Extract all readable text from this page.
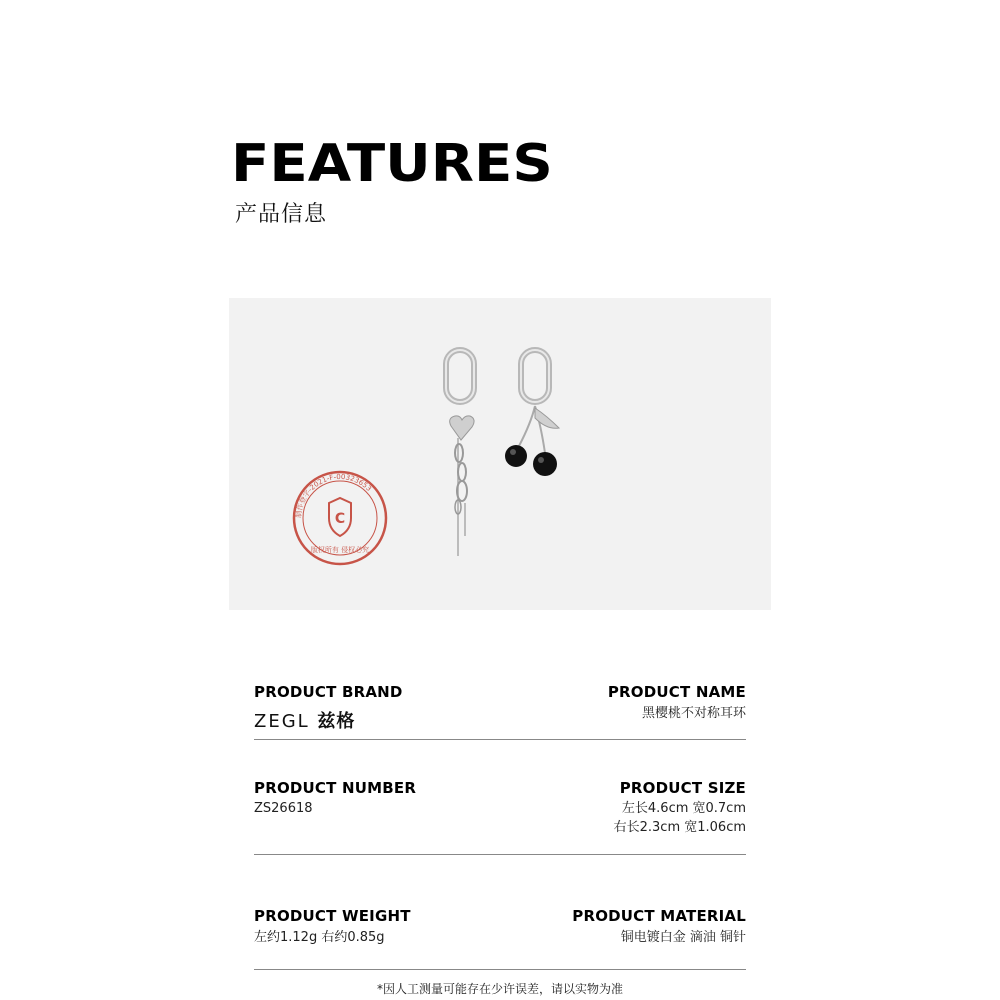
FEATURES
产品信息
C
制作登字-2021-F-00323653
版权所有 侵权必究
PRODUCT BRAND
ZEGL 兹格
PRODUCT NAME
黑樱桃不对称耳环
PRODUCT NUMBER
ZS26618
PRODUCT SIZE
左长4.6cm 宽0.7cm
右长2.3cm 宽1.06cm
PRODUCT WEIGHT
左约1.12g 右约0.85g
PRODUCT MATERIAL
铜电镀白金 滴油 铜针
*因人工测量可能存在少许误差，请以实物为准
